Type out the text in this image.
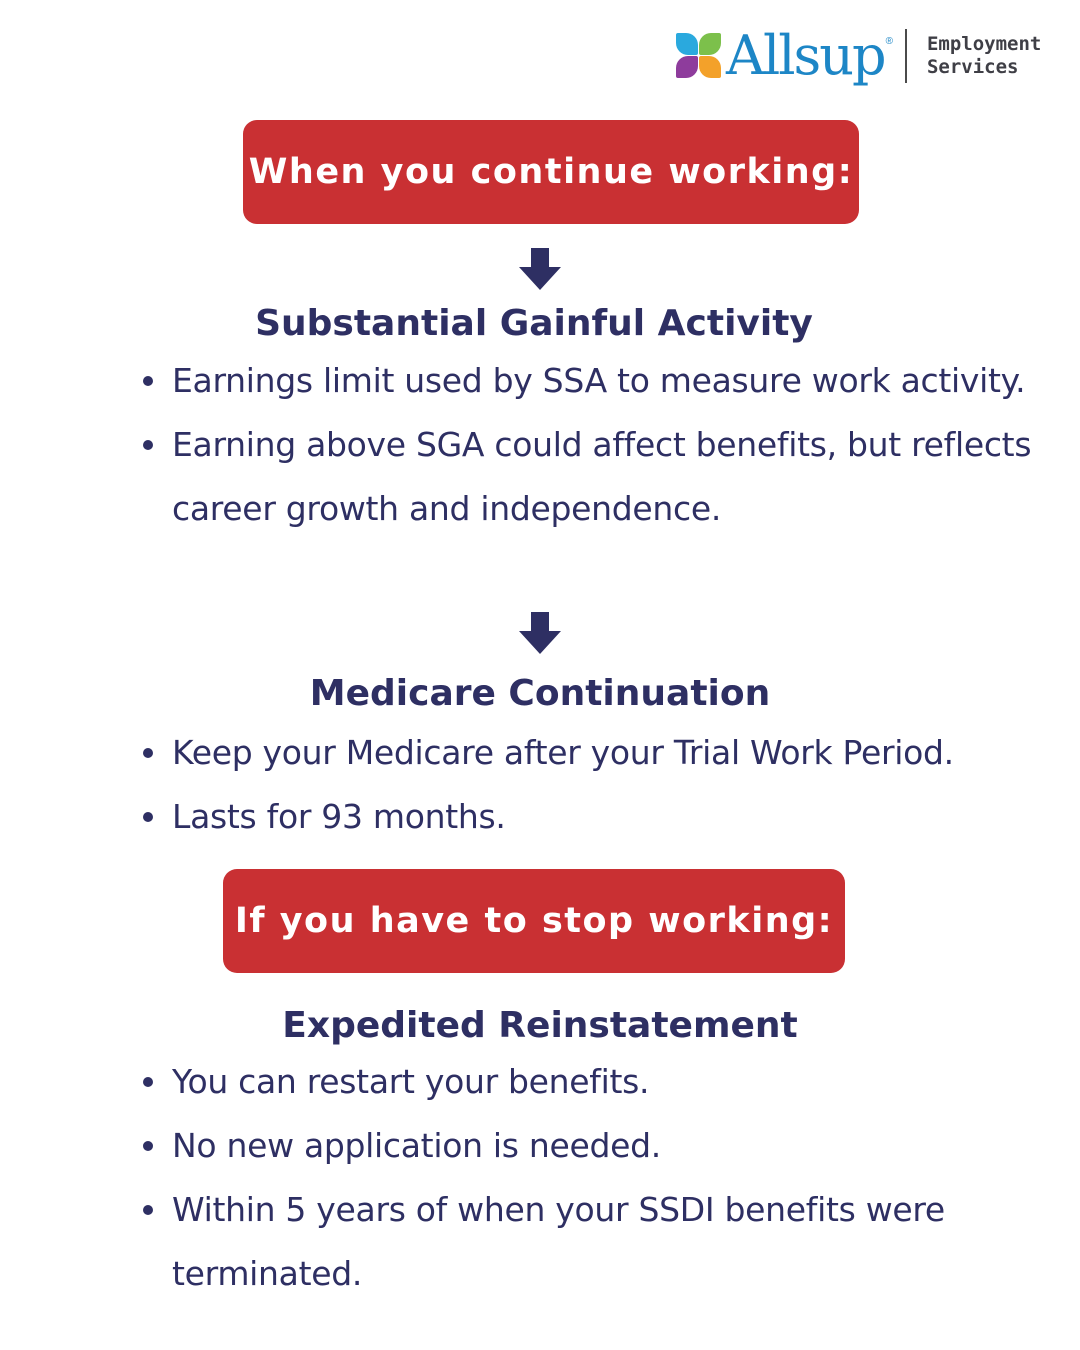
Allsup ® Employment
Services
When you continue working:
Substantial Gainful Activity
Earnings limit used by SSA to measure work activity.
Earning above SGA could affect benefits, but reflects career growth and independence.
Medicare Continuation
Keep your Medicare after your Trial Work Period.
Lasts for 93 months.
If you have to stop working:
Expedited Reinstatement
You can restart your benefits.
No new application is needed.
Within 5 years of when your SSDI benefits were terminated.
